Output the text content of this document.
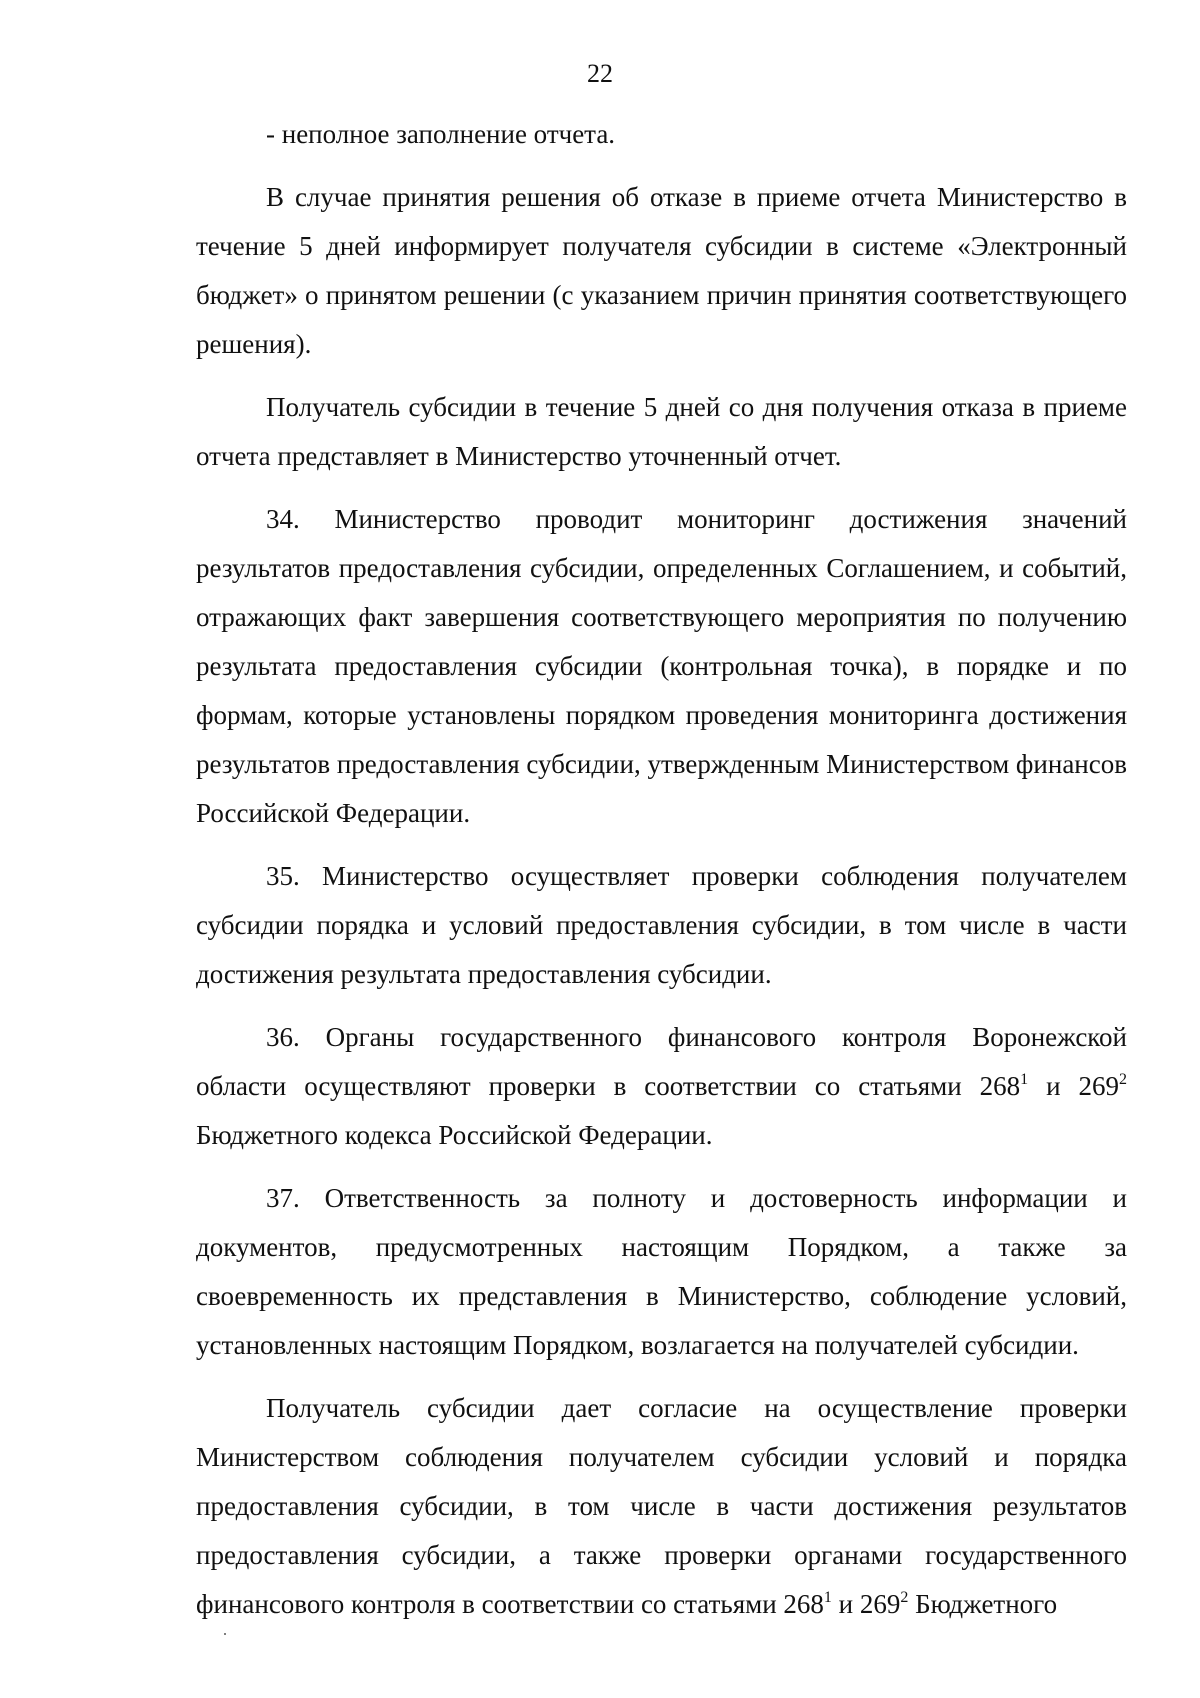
22

- неполное заполнение отчета.

В случае принятия решения об отказе в приеме отчета Министерство в течение 5 дней информирует получателя субсидии в системе «Электронный бюджет» о принятом решении (с указанием причин принятия соответствующего решения).

Получатель субсидии в течение 5 дней со дня получения отказа в приеме отчета представляет в Министерство уточненный отчет.

34. Министерство проводит мониторинг достижения значений результатов предоставления субсидии, определенных Соглашением, и событий, отражающих факт завершения соответствующего мероприятия по получению результата предоставления субсидии (контрольная точка), в порядке и по формам, которые установлены порядком проведения мониторинга достижения результатов предоставления субсидии, утвержденным Министерством финансов Российской Федерации.

35. Министерство осуществляет проверки соблюдения получателем субсидии порядка и условий предоставления субсидии, в том числе в части достижения результата предоставления субсидии.

36. Органы государственного финансового контроля Воронежской области осуществляют проверки в соответствии со статьями $268^1$ и $269^2$ Бюджетного кодекса Российской Федерации.

37. Ответственность за полноту и достоверность информации и документов, предусмотренных настоящим Порядком, а также за своевременность их представления в Министерство, соблюдение условий, установленных настоящим Порядком, возлагается на получателей субсидии.

Получатель субсидии дает согласие на осуществление проверки Министерством соблюдения получателем субсидии условий и порядка предоставления субсидии, в том числе в части достижения результатов предоставления субсидии, а также проверки органами государственного финансового контроля в соответствии со статьями $268^1$ и $269^2$ Бюджетного
